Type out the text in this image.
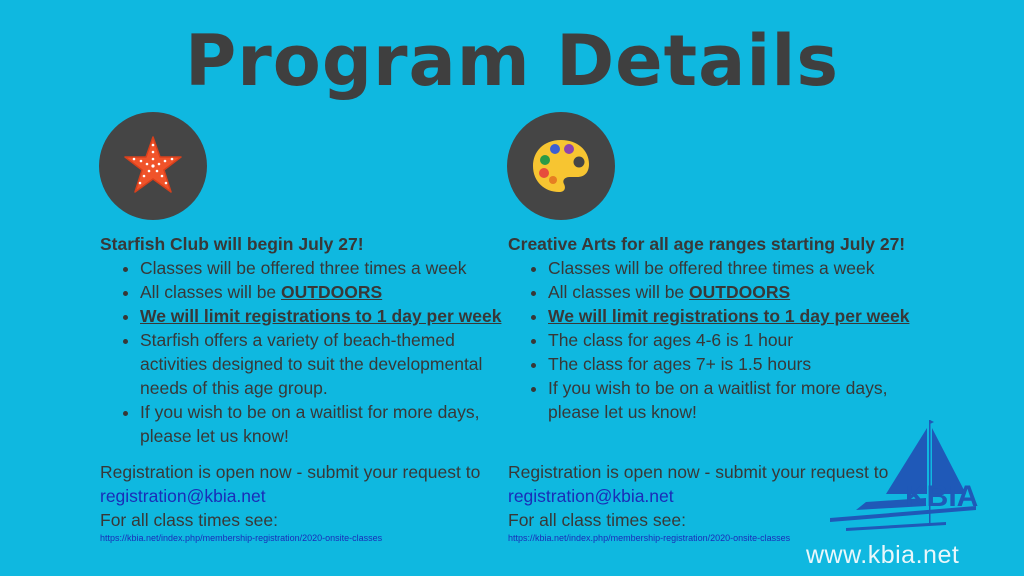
Program Details
Starfish Club will begin July 27!
• Classes will be offered three times a week
• All classes will be OUTDOORS
• We will limit registrations to 1 day per week
• Starfish offers a variety of beach-themed activities designed to suit the developmental needs of this age group.
• If you wish to be on a waitlist for more days, please let us know!
Registration is open now - submit your request to
registration@kbia.net
For all class times see:
https://kbia.net/index.php/membership-registration/2020-onsite-classes
Creative Arts for all age ranges starting July 27!
• Classes will be offered three times a week
• All classes will be OUTDOORS
• We will limit registrations to 1 day per week
• The class for ages 4-6 is 1 hour
• The class for ages 7+ is 1.5 hours
• If you wish to be on a waitlist for more days, please let us know!
Registration is open now - submit your request to
registration@kbia.net
For all class times see:
https://kbia.net/index.php/membership-registration/2020-onsite-classes
KBIA
www.kbia.net
